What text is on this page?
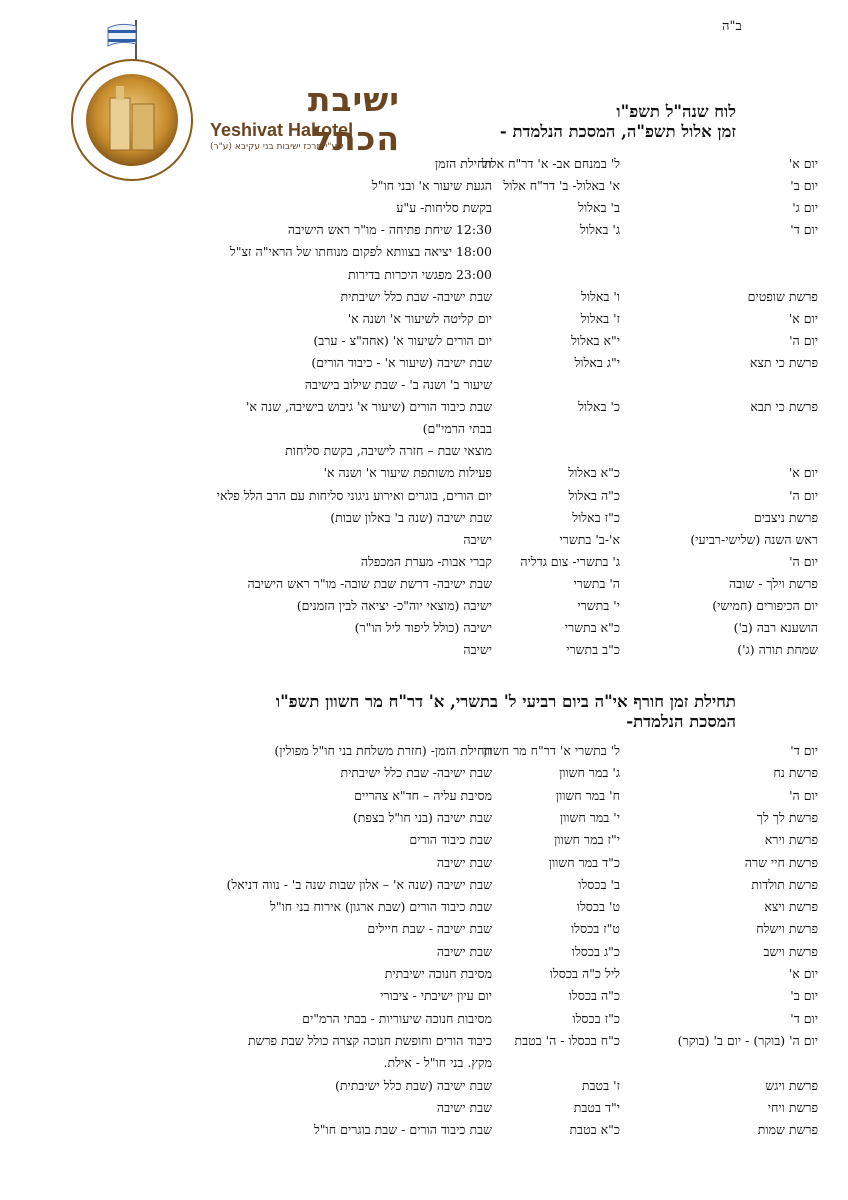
ב"ה
ישיבת הכתל
Yeshivat Hakotel
שע"י מרכז ישיבות בני עקיבא (ע"ר)
לוח שנה"ל תשפ"ו
זמן אלול תשפ"ה, המסכת הנלמדת -
יום א'
ל' במנחם אב- א' דר"ח אלול
תחילת הזמן
יום ב'
א' באלול- ב' דר"ח אלול
הגעת שיעור א' ובני חו"ל
יום ג'
ב' באלול
בקשת סליחות- ע"ע
יום ד'
ג' באלול
12:30 שיחת פתיחה - מו"ר ראש הישיבה
18:00 יציאה בצוותא לפקום מנוחתו של הראי"ה זצ"ל
23:00 מפגשי היכרות בדירות
פרשת שופטים
ו' באלול
שבת ישיבה- שבת כלל ישיבתית
יום א'
ז' באלול
יום קליטה לשיעור א' ושנה א'
יום ה'
י"א באלול
יום הורים לשיעור א' (אחה"צ - ערב)
פרשת כי תצא
י"ג באלול
שבת ישיבה (שיעור א' - כיבוד הורים)
שיעור ב' ושנה ב' - שבת שילוב בישיבה
פרשת כי תבא
כ' באלול
שבת כיבוד הורים (שיעור א' גיבוש בישיבה, שנה א'
בבתי הרמי"ם)
מוצאי שבת – חזרה לישיבה, בקשת סליחות
יום א'
כ"א באלול
פעילות משותפת שיעור א' ושנה א'
יום ה'
כ"ה באלול
יום הורים, בוגרים ואירוע ניגוני סליחות עם הרב הלל פלאי
פרשת ניצבים
כ"ז באלול
שבת ישיבה (שנה ב' באלון שבות)
ראש השנה (שלישי-רביעי)
א'-ב' בתשרי
ישיבה
יום ה'
ג' בתשרי- צום גדליה
קברי אבות- מערת המכפלה
פרשת וילך - שובה
ה' בתשרי
שבת ישיבה- דרשת שבת שובה- מו"ר ראש הישיבה
יום הכיפורים (חמישי)
י' בתשרי
ישיבה (מוצאי יוה"כ- יציאה לבין הזמנים)
הושענא רבה (ב')
כ"א בתשרי
ישיבה (כולל ליפוד ליל הו"ר)
שמחת תורה (ג')
כ"ב בתשרי
ישיבה
תחילת זמן חורף אי"ה ביום רביעי ל' בתשרי, א' דר"ח מר חשוון תשפ"ו
המסכת הנלמדת-
יום ד'
ל' בתשרי א' דר"ח מר חשוון
תחילת הזמן- (חזרת משלחת בני חו"ל מפולין)
פרשת נח
ג' במר חשוון
שבת ישיבה- שבת כלל ישיבתית
יום ה'
ח' במר חשוון
מסיבת עליה – חד"א צהריים
פרשת לך לך
י' במר חשוון
שבת ישיבה (בני חו"ל בצפת)
פרשת וירא
י"ז במר חשוון
שבת כיבוד הורים
פרשת חיי שרה
כ"ד במר חשוון
שבת ישיבה
פרשת תולדות
ב' בכסלו
שבת ישיבה (שנה א' – אלון שבות שנה ב' - נווה דניאל)
פרשת ויצא
ט' בכסלו
שבת כיבוד הורים (שבת ארגון) אירוח בני חו"ל
פרשת וישלח
ט"ז בכסלו
שבת ישיבה - שבת חיילים
פרשת וישב
כ"ג בכסלו
שבת ישיבה
יום א'
ליל כ"ה בכסלו
מסיבת חנוכה ישיבתית
יום ב'
כ"ה בכסלו
יום עיון ישיבתי - ציבורי
יום ד'
כ"ז בכסלו
מסיבות חנוכה שיעוריות - בבתי הרמ"ים
יום ה' (בוקר) - יום ב' (בוקר)
כ"ח בכסלו - ה' בטבת
כיבוד הורים וחופשת חנוכה קצרה כולל שבת פרשת
מקץ. בני חו"ל - אילת.
פרשת ויגש
ז' בטבת
שבת ישיבה (שבת כלל ישיבתית)
פרשת ויחי
י"ד בטבת
שבת ישיבה
פרשת שמות
כ"א בטבת
שבת כיבוד הורים - שבת בוגרים חו"ל
